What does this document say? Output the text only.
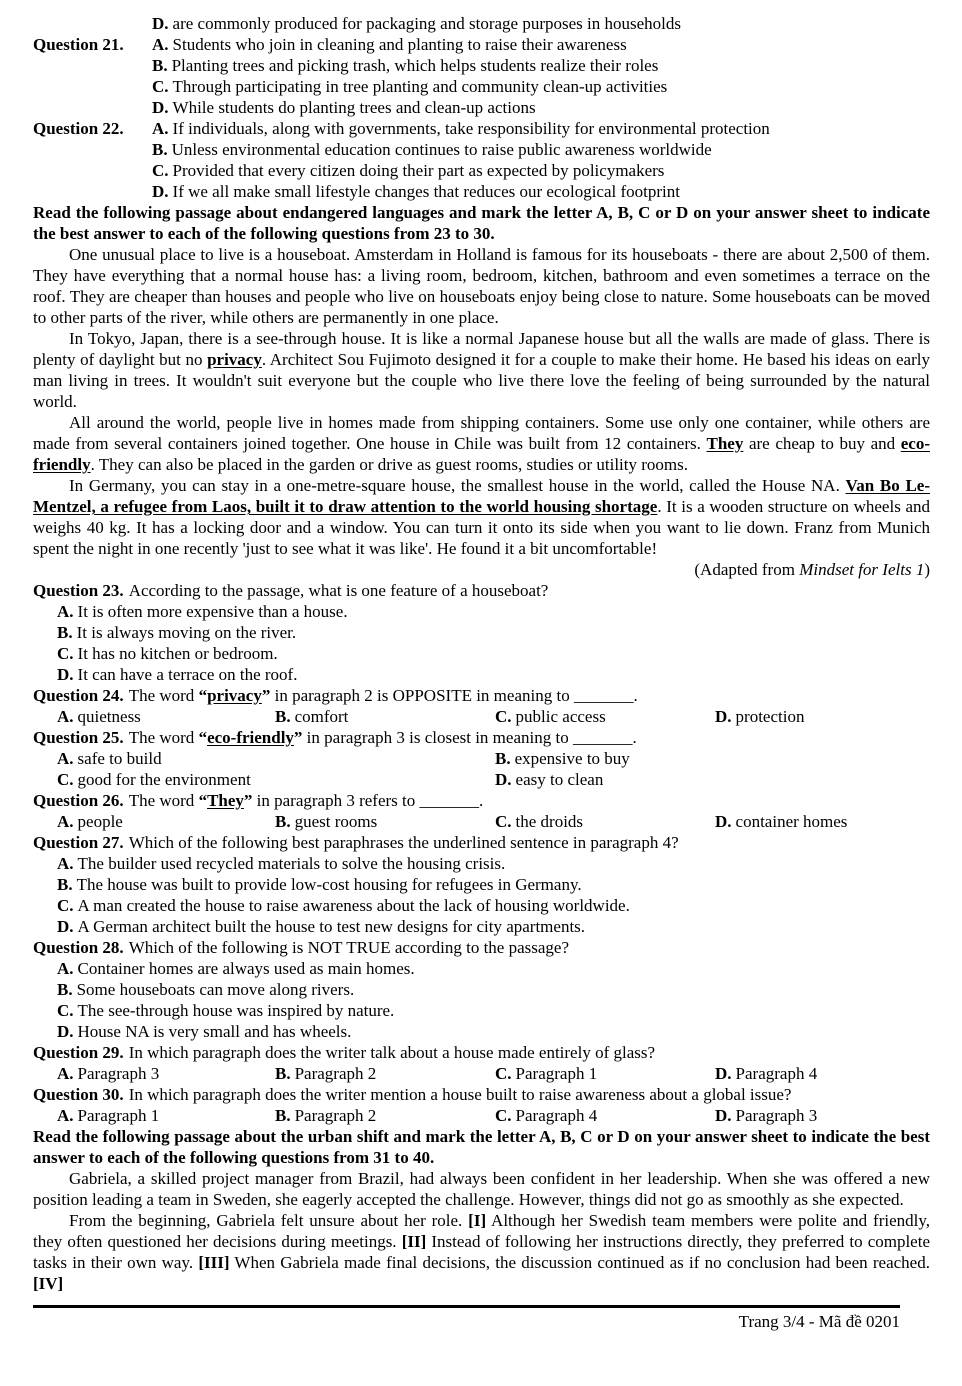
D. are commonly produced for packaging and storage purposes in households
Question 21.	A. Students who join in cleaning and planting to raise their awareness
B. Planting trees and picking trash, which helps students realize their roles
C. Through participating in tree planting and community clean-up activities
D. While students do planting trees and clean-up actions
Question 22.	A. If individuals, along with governments, take responsibility for environmental protection
B. Unless environmental education continues to raise public awareness worldwide
C. Provided that every citizen doing their part as expected by policymakers
D. If we all make small lifestyle changes that reduces our ecological footprint

Read the following passage about endangered languages and mark the letter A, B, C or D on your answer sheet to indicate the best answer to each of the following questions from 23 to 30.

One unusual place to live is a houseboat. Amsterdam in Holland is famous for its houseboats - there are about 2,500 of them. They have everything that a normal house has: a living room, bedroom, kitchen, bathroom and even sometimes a terrace on the roof. They are cheaper than houses and people who live on houseboats enjoy being close to nature. Some houseboats can be moved to other parts of the river, while others are permanently in one place.

In Tokyo, Japan, there is a see-through house. It is like a normal Japanese house but all the walls are made of glass. There is plenty of daylight but no privacy. Architect Sou Fujimoto designed it for a couple to make their home. He based his ideas on early man living in trees. It wouldn't suit everyone but the couple who live there love the feeling of being surrounded by the natural world.

All around the world, people live in homes made from shipping containers. Some use only one container, while others are made from several containers joined together. One house in Chile was built from 12 containers. They are cheap to buy and eco-friendly. They can also be placed in the garden or drive as guest rooms, studies or utility rooms.

In Germany, you can stay in a one-metre-square house, the smallest house in the world, called the House NA. Van Bo Le-Mentzel, a refugee from Laos, built it to draw attention to the world housing shortage. It is a wooden structure on wheels and weighs 40 kg. It has a locking door and a window. You can turn it onto its side when you want to lie down. Franz from Munich spent the night in one recently 'just to see what it was like'. He found it a bit uncomfortable!

(Adapted from Mindset for Ielts 1)

Question 23. According to the passage, what is one feature of a houseboat?
A. It is often more expensive than a house.
B. It is always moving on the river.
C. It has no kitchen or bedroom.
D. It can have a terrace on the roof.
Question 24. The word “privacy” in paragraph 2 is OPPOSITE in meaning to _______.
A. quietness	B. comfort	C. public access	D. protection
Question 25. The word “eco-friendly” in paragraph 3 is closest in meaning to _______.
A. safe to build	B. expensive to buy
C. good for the environment	D. easy to clean
Question 26. The word “They” in paragraph 3 refers to _______.
A. people	B. guest rooms	C. the droids	D. container homes
Question 27. Which of the following best paraphrases the underlined sentence in paragraph 4?
A. The builder used recycled materials to solve the housing crisis.
B. The house was built to provide low-cost housing for refugees in Germany.
C. A man created the house to raise awareness about the lack of housing worldwide.
D. A German architect built the house to test new designs for city apartments.
Question 28. Which of the following is NOT TRUE according to the passage?
A. Container homes are always used as main homes.
B. Some houseboats can move along rivers.
C. The see-through house was inspired by nature.
D. House NA is very small and has wheels.
Question 29. In which paragraph does the writer talk about a house made entirely of glass?
A. Paragraph 3	B. Paragraph 2	C. Paragraph 1	D. Paragraph 4
Question 30. In which paragraph does the writer mention a house built to raise awareness about a global issue?
A. Paragraph 1	B. Paragraph 2	C. Paragraph 4	D. Paragraph 3

Read the following passage about the urban shift and mark the letter A, B, C or D on your answer sheet to indicate the best answer to each of the following questions from 31 to 40.

Gabriela, a skilled project manager from Brazil, had always been confident in her leadership. When she was offered a new position leading a team in Sweden, she eagerly accepted the challenge. However, things did not go as smoothly as she expected.

From the beginning, Gabriela felt unsure about her role. [I] Although her Swedish team members were polite and friendly, they often questioned her decisions during meetings. [II] Instead of following her instructions directly, they preferred to complete tasks in their own way. [III] When Gabriela made final decisions, the discussion continued as if no conclusion had been reached. [IV]

Trang 3/4 - Mã đề 0201
